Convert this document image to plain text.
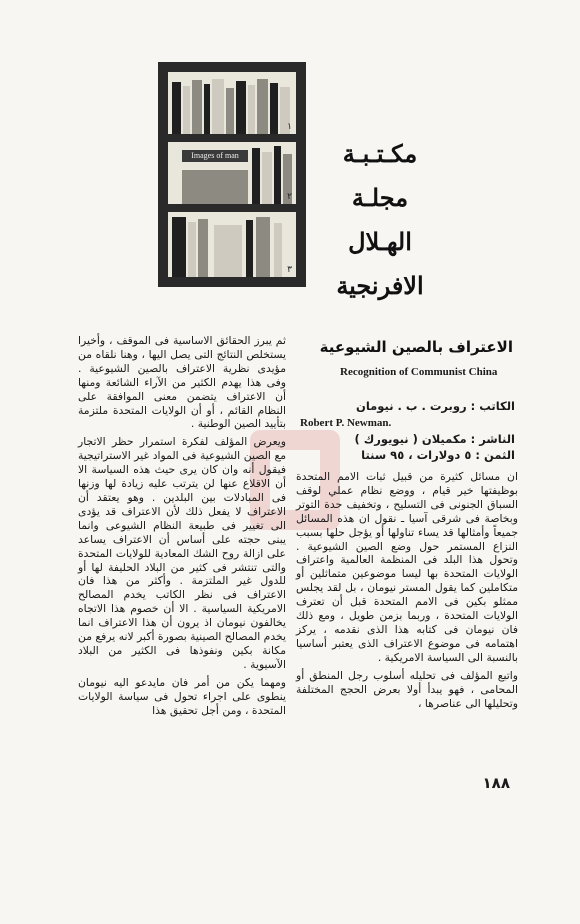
١
Images of man
٢
٣
مكـتـبـة
مجلـة
الهـلال
الافرنجية
الاعتراف بالصين الشيوعية
Recognition of Communist China
الكاتب : روبرت . ب . نيومان
Robert P. Newman.
الناشر : مكميلان ( نيويورك )
الثمن : ٥ دولارات ، ٩٥ سنتا

ان مسائل كثيرة من قبيل ثبات الامم المتحدة بوظيفتها خير قيام ، ووضع نظام عملي لوقف السباق الجنونى فى التسليح ، وتخفيف حدة التوتر وبخاصة فى شرقى آسيا ـ نقول ان هذه المسائل جميعاً وأمثالها قد يساء تناولها أو يؤجل حلها بسبب النزاع المستمر حول وضع الصين الشيوعية . وتحول هذا البلد فى المنظمة العالمية واعتراف الولايات المتحدة بها ليسا موضوعين متماثلين أو متكاملين كما يقول المستر نيومان ، بل لقد يجلس ممثلو بكين فى الامم المتحدة قبل أن تعترف الولايات المتحدة ، وربما بزمن طويل ، ومع ذلك فان نيومان فى كتابه هذا الذى نقدمه ، يركز اهتمامه فى موضوع الاعتراف الذى يعتبر أساسيا بالنسبة الى السياسة الامريكية .

واتبع المؤلف فى تحليله أسلوب رجل المنطق أو المحامى ، فهو يبدأ أولا بعرض الحجج المختلفة وتحليلها الى عناصرها ،

ثم يبرز الحقائق الاساسية فى الموقف ، وأخيرا يستخلص النتائج التى يصل اليها ، وهنا نلقاه من مؤيدى نظرية الاعتراف بالصين الشيوعية . وفى هذا يهدم الكثير من الآراء الشائعة ومنها أن الاعتراف يتضمن معنى الموافقة على النظام القائم ، أو أن الولايات المتحدة ملتزمة بتأييد الصين الوطنية .

ويعرض المؤلف لفكرة استمرار حظر الاتجار مع الصين الشيوعية فى المواد غير الاستراتيجية فيقول أنه وان كان يرى حيث هذه السياسة الا أن الاقلاع عنها لن يترتب عليه زيادة لها وزنها فى المبادلات بين البلدين . وهو يعتقد أن الاعتراف لا يفعل ذلك لأن الاعتراف قد يؤدى الى تغيير فى طبيعة النظام الشيوعى وانما يبنى حجته على أساس أن الاعتراف يساعد على ازالة روح الشك المعادية للولايات المتحدة والتى تنتشر فى كثير من البلاد الحليفة لها أو للدول غير الملتزمة . وأكثر من هذا فان الاعتراف فى نظر الكاتب يخدم المصالح الامريكية السياسية . الا أن خصوم هذا الاتجاه يخالفون نيومان اذ يرون أن هذا الاعتراف انما يخدم المصالح الصينية بصورة أكبر لانه يرفع من مكانة بكين ونفوذها فى الكثير من البلاد الآسيوية .

ومهما يكن من أمر فان مايدعو اليه نيومان ينطوى على اجراء تحول فى سياسة الولايات المتحدة ، ومن أجل تحقيق هذا

١٨٨
